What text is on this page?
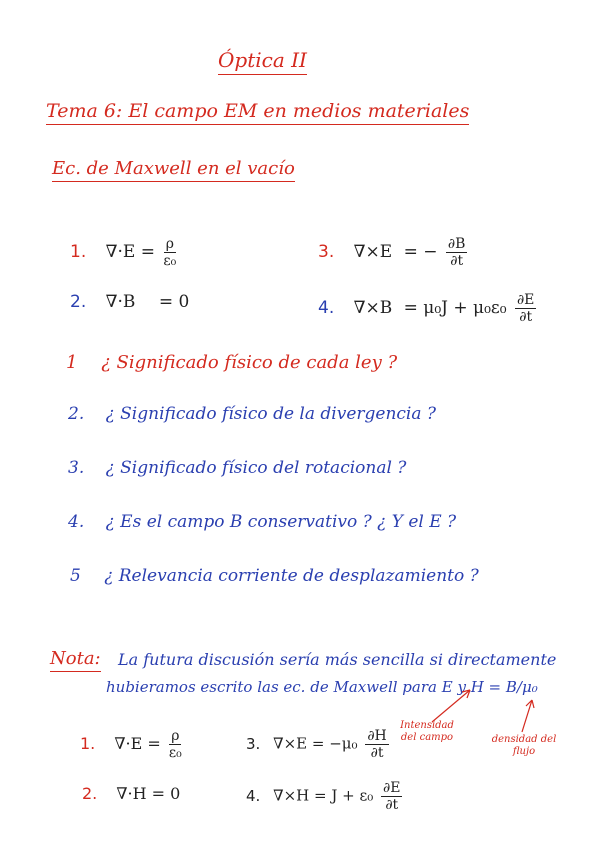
Óptica II
Tema 6: El campo EM en medios materiales
Ec. de Maxwell en el vacío
1. $\nabla\cdot E = \frac{\rho}{\text{ε₀}}$
2. ∇·B = 0
3. ∇×E = − $\frac{\partial B}{\partial t}$
4. $\nabla\times B = \mu_0J + \mu_0\varepsilon_0 \frac{\partial E}{\partial t}$
1 ¿ Significado físico de cada ley ?
2. ¿ Significado físico de la divergencia ?
3. ¿ Significado físico del rotacional ?
4. ¿ Es el campo B conservativo ? ¿ Y el E ?
5 ¿ Relevancia corriente de desplazamiento ?
Nota: La futura discusión sería más sencilla si directamente
hubieramos escrito las ec. de Maxwell para E y H = B/μ₀
1. $\nabla\cdot E = \frac{\rho}{\text{ε₀}}$
2. ∇·H = 0
3. $\nabla\times E = -\mu_0 \frac{\partial H}{\partial t}$
4. $\nabla\times H = J + \varepsilon_0 \frac{\partial E}{\partial t}$
Intensidad
del campo	densidad del
flujo
